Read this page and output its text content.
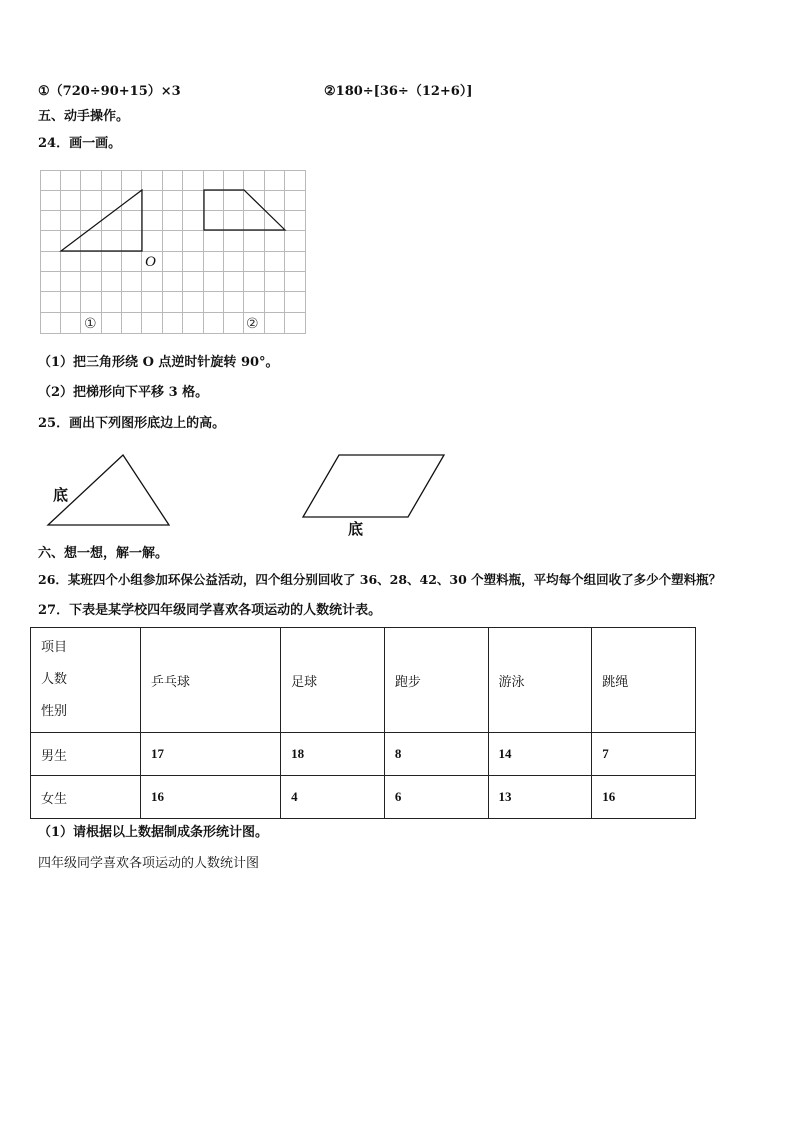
①（720÷90+15）×3	②180÷[36÷（12+6）]
五、动手操作。
24．画一画。
O
①	②
（1）把三角形绕 O 点逆时针旋转 90°。
（2）把梯形向下平移 3 格。
25．画出下列图形底边上的高。
底
底
六、想一想，解一解。
26．某班四个小组参加环保公益活动，四个组分别回收了 36、28、42、30 个塑料瓶，平均每个组回收了多少个塑料瓶？
27．下表是某学校四年级同学喜欢各项运动的人数统计表。
项目
人数
性别	乒乓球	足球	跑步	游泳	跳绳
男生	17	18	8	14	7
女生	16	4	6	13	16
（1）请根据以上数据制成条形统计图。
四年级同学喜欢各项运动的人数统计图
